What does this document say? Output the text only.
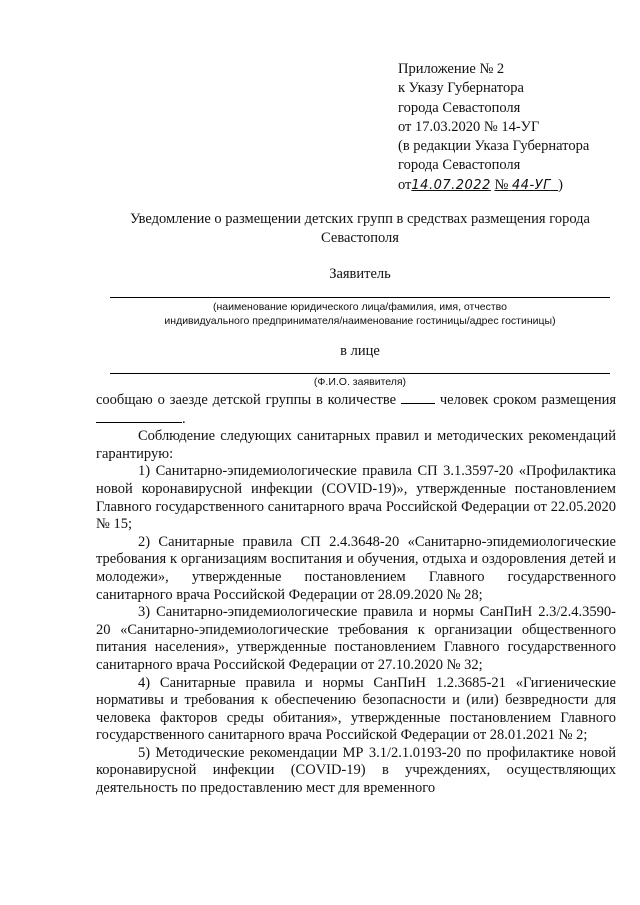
Приложение № 2
к Указу Губернатора
города Севастополя
от 17.03.2020 № 14-УГ
(в редакции Указа Губернатора
города Севастополя
от14.07.2022 № 44-УГ )
Уведомление о размещении детских групп в средствах размещения города Севастополя
Заявитель
(наименование юридического лица/фамилия, имя, отчество
индивидуального предпринимателя/наименование гостиницы/адрес гостиницы)
в лице
(Ф.И.О. заявителя)

сообщаю о заезде детской группы в количестве	человек сроком размещения .

Соблюдение следующих санитарных правил и методических рекомендаций гарантирую:

1) Санитарно-эпидемиологические правила СП 3.1.3597-20 «Профилактика новой коронавирусной инфекции (COVID-19)», утвержденные постановлением Главного государственного санитарного врача Российской Федерации от 22.05.2020 № 15;

2) Санитарные правила СП 2.4.3648-20 «Санитарно-эпидемиологические требования к организациям воспитания и обучения, отдыха и оздоровления детей и молодежи», утвержденные постановлением Главного государственного санитарного врача Российской Федерации от 28.09.2020 № 28;

3) Санитарно-эпидемиологические правила и нормы СанПиН 2.3/2.4.3590-20 «Санитарно-эпидемиологические требования к организации общественного питания населения», утвержденные постановлением Главного государственного санитарного врача Российской Федерации от 27.10.2020 № 32;

4) Санитарные правила и нормы СанПиН 1.2.3685-21 «Гигиенические нормативы и требования к обеспечению безопасности и (или) безвредности для человека факторов среды обитания», утвержденные постановлением Главного государственного санитарного врача Российской Федерации от 28.01.2021 № 2;

5) Методические рекомендации МР 3.1/2.1.0193-20 по профилактике новой коронавирусной инфекции (COVID-19) в учреждениях, осуществляющих деятельность по предоставлению мест для временного
